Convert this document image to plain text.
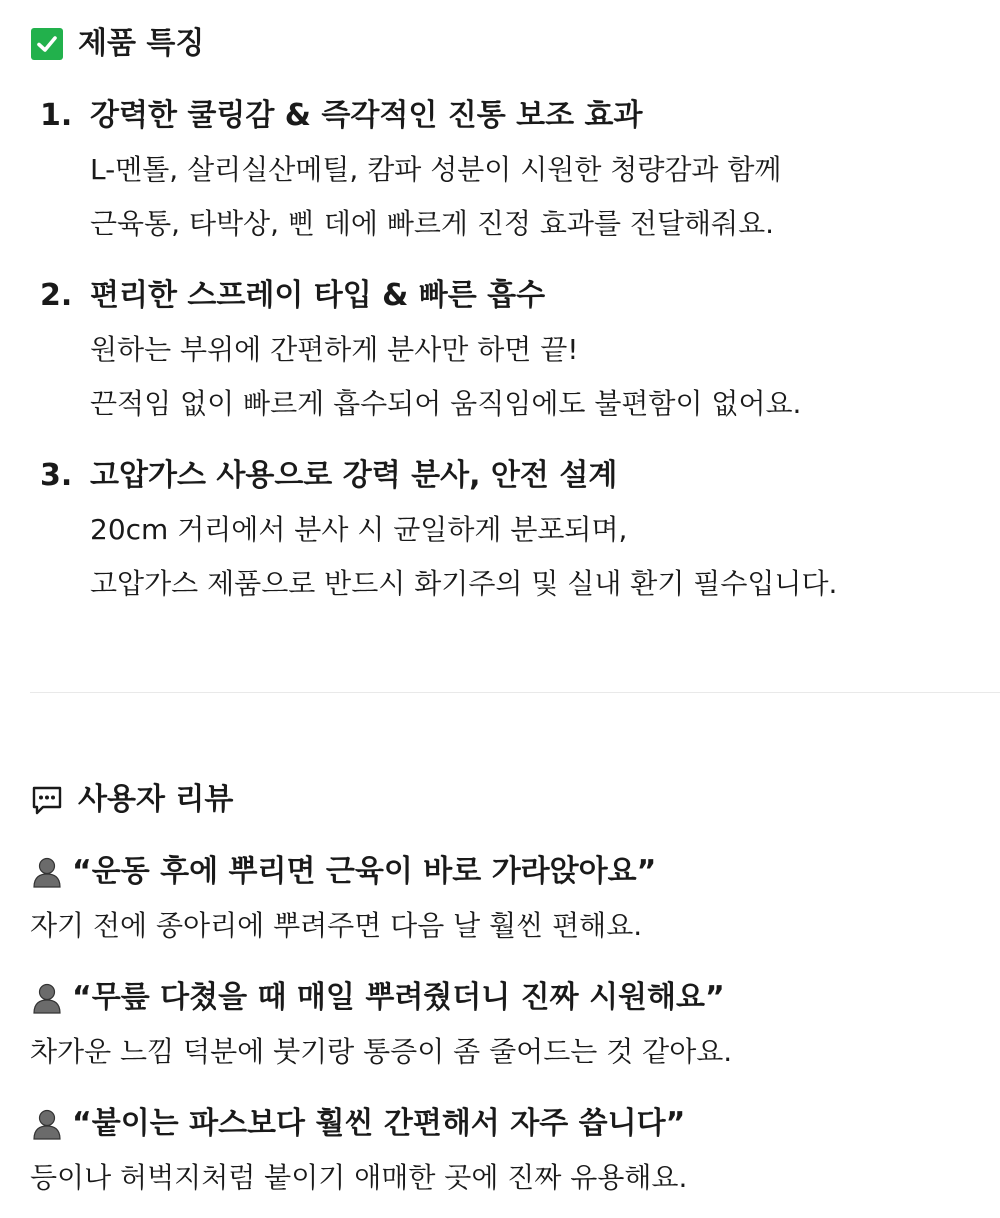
제품 특징
1. 강력한 쿨링감 & 즉각적인 진통 보조 효과
L-멘톨, 살리실산메틸, 캄파 성분이 시원한 청량감과 함께
근육통, 타박상, 삔 데에 빠르게 진정 효과를 전달해줘요.
2. 편리한 스프레이 타입 & 빠른 흡수
원하는 부위에 간편하게 분사만 하면 끝!
끈적임 없이 빠르게 흡수되어 움직임에도 불편함이 없어요.
3. 고압가스 사용으로 강력 분사, 안전 설계
20cm 거리에서 분사 시 균일하게 분포되며,
고압가스 제품으로 반드시 화기주의 및 실내 환기 필수입니다.
사용자 리뷰
“운동 후에 뿌리면 근육이 바로 가라앉아요”
자기 전에 종아리에 뿌려주면 다음 날 훨씬 편해요.
“무릎 다쳤을 때 매일 뿌려줬더니 진짜 시원해요”
차가운 느낌 덕분에 붓기랑 통증이 좀 줄어드는 것 같아요.
“붙이는 파스보다 훨씬 간편해서 자주 씁니다”
등이나 허벅지처럼 붙이기 애매한 곳에 진짜 유용해요.
